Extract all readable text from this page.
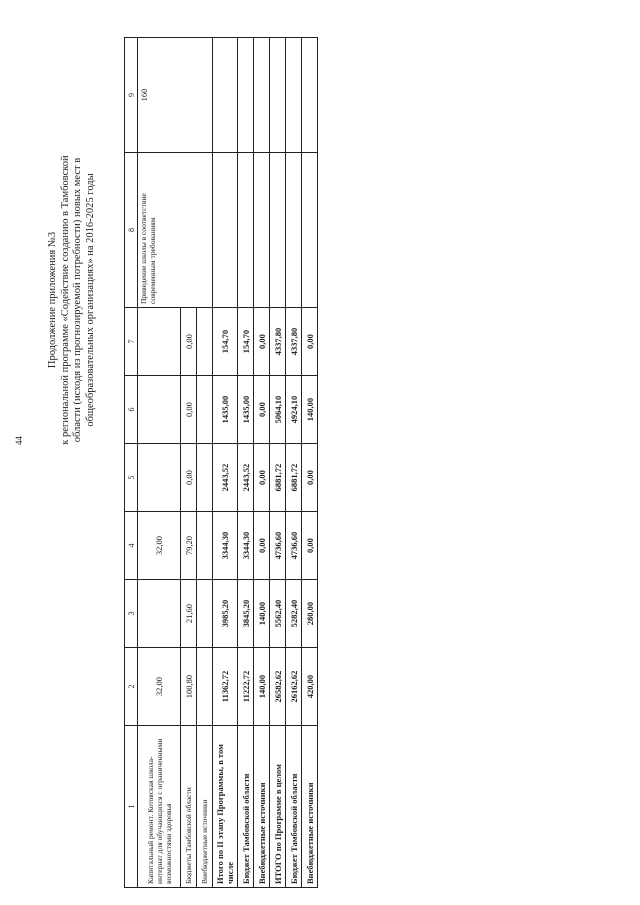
44
Продолжение приложения №3 к региональной программе «Содействие созданию в Тамбовской области (исходя из прогнозируемой потребности) новых мест в общеобразовательных организациях» на 2016-2025 годы
1	2	3	4	5	6	7	8	9
Капитальный ремонт. Котовская школа-интернат для обучающихся с ограниченными возможностями здоровья	32,00		32,00				Приведение школы в соответствие современным требованиям	160
Бюджеты Тамбовской области	100,80	21,60	79,20	0,00	0,00	0,00		
Внебюджетные источники								
Итого по II этапу Программы, в том числе	11362,72	3985,20	3344,30	2443,52	1435,00	154,70		
Бюджет Тамбовской области	11222,72	3845,20	3344,30	2443,52	1435,00	154,70		
Внебюджетные источники	140,00	140,00	0,00	0,00	0,00	0,00		
ИТОГО по Программе в целом	26582,62	5562,40	4736,60	6881,72	5064,10	4337,80		
Бюджет Тамбовской области	26162,62	5282,40	4736,60	6881,72	4924,10	4337,80		
Внебюджетные источники	420,00	280,00	0,00	0,00	140,00	0,00		
